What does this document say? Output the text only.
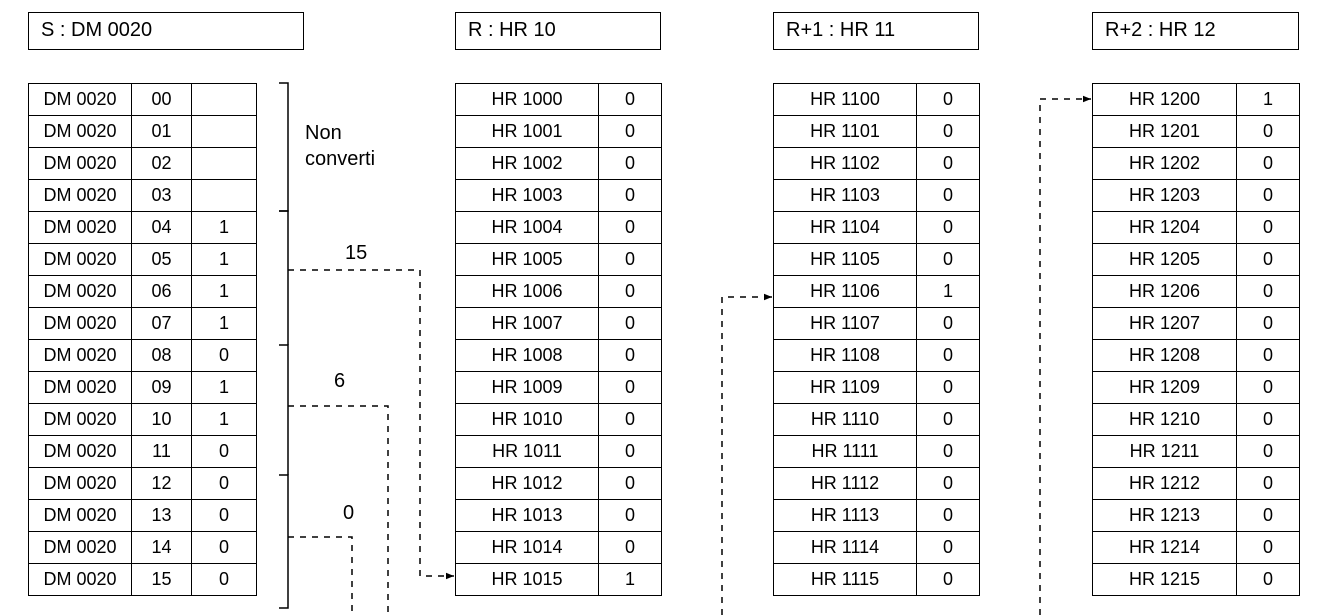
S : DM 0020	R : HR 10	R+1 : HR 11	R+2 : HR 12
DM 0020	00	
DM 0020	01	
DM 0020	02	
DM 0020	03	
DM 0020	04	1
DM 0020	05	1
DM 0020	06	1
DM 0020	07	1
DM 0020	08	0
DM 0020	09	1
DM 0020	10	1
DM 0020	11	0
DM 0020	12	0
DM 0020	13	0
DM 0020	14	0
DM 0020	15	0
HR 1000	0
HR 1001	0
HR 1002	0
HR 1003	0
HR 1004	0
HR 1005	0
HR 1006	0
HR 1007	0
HR 1008	0
HR 1009	0
HR 1010	0
HR 1011	0
HR 1012	0
HR 1013	0
HR 1014	0
HR 1015	1
HR 1100	0
HR 1101	0
HR 1102	0
HR 1103	0
HR 1104	0
HR 1105	0
HR 1106	1
HR 1107	0
HR 1108	0
HR 1109	0
HR 1110	0
HR 1111	0
HR 1112	0
HR 1113	0
HR 1114	0
HR 1115	0
HR 1200	1
HR 1201	0
HR 1202	0
HR 1203	0
HR 1204	0
HR 1205	0
HR 1206	0
HR 1207	0
HR 1208	0
HR 1209	0
HR 1210	0
HR 1211	0
HR 1212	0
HR 1213	0
HR 1214	0
HR 1215	0
Non
converti
15
6
0
